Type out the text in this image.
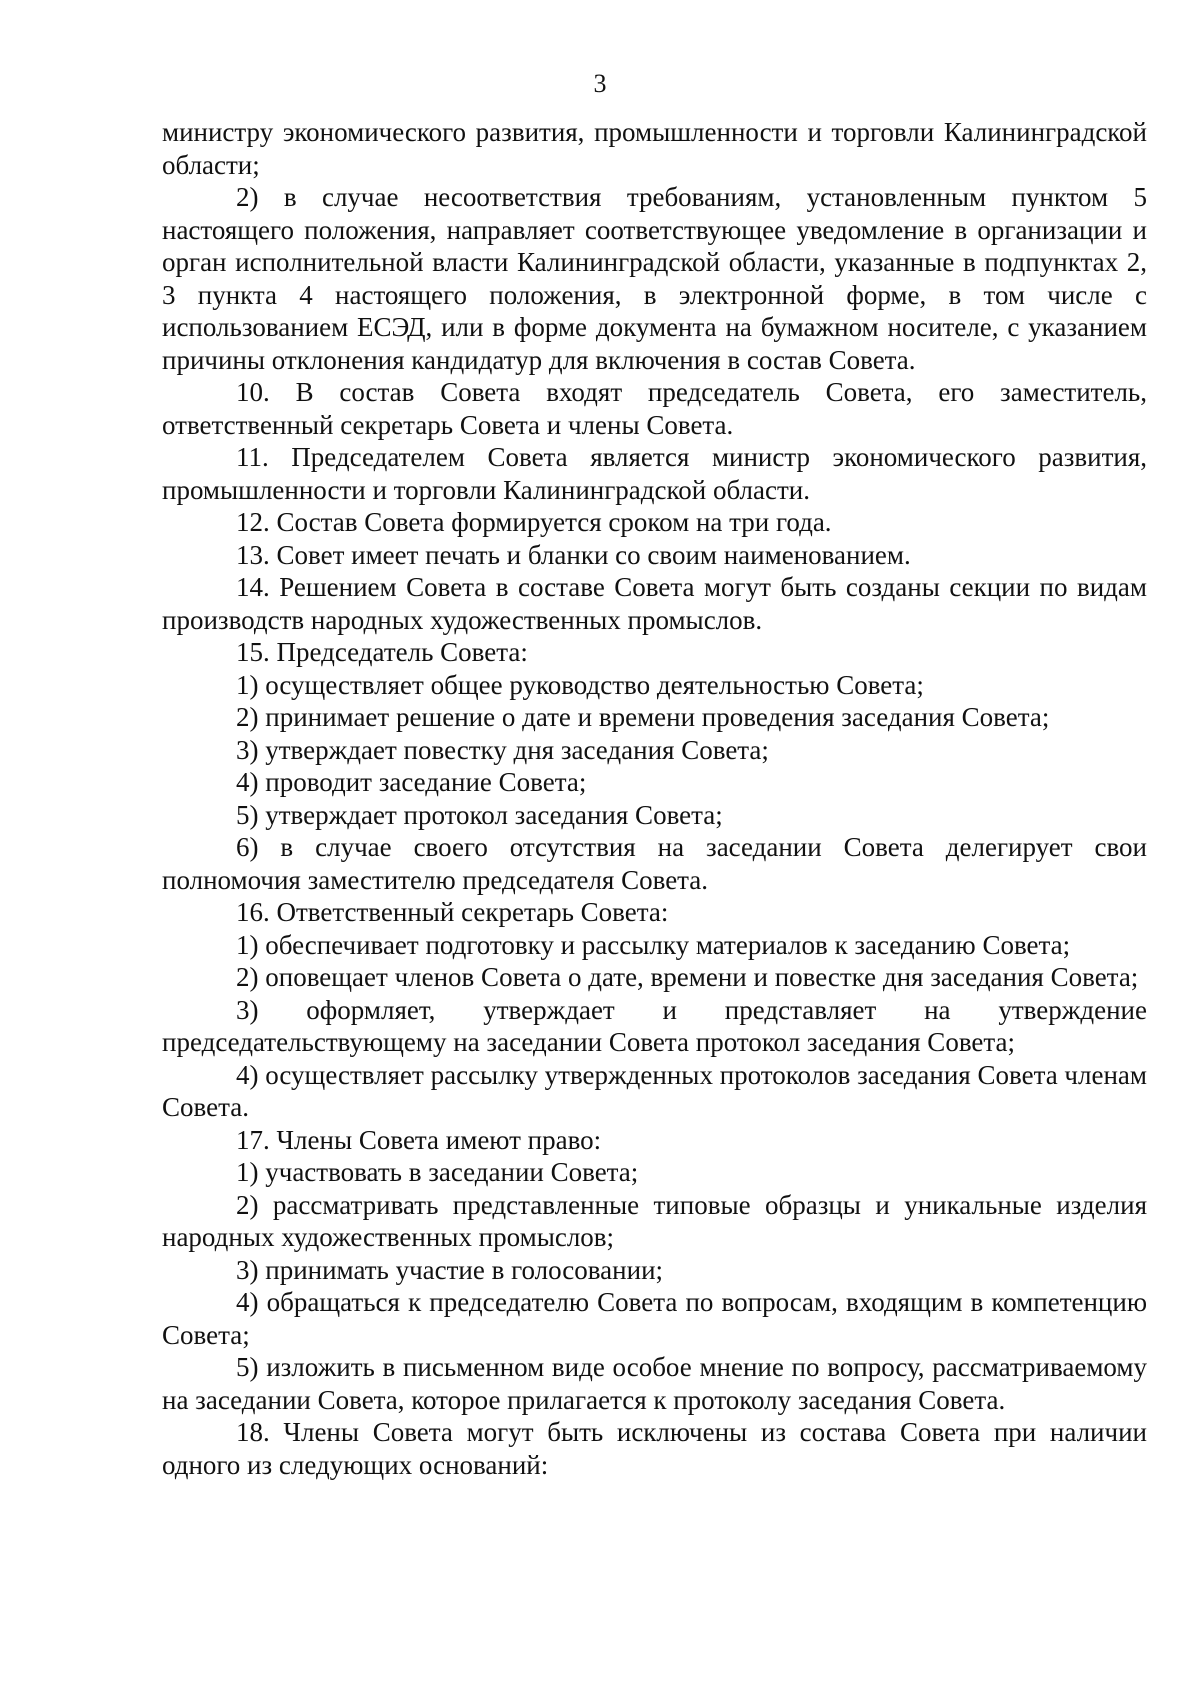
3

министру экономического развития, промышленности и торговли Калининградской области;

2) в случае несоответствия требованиям, установленным пунктом 5 настоящего положения, направляет соответствующее уведомление в организации и орган исполнительной власти Калининградской области, указанные в подпунктах 2, 3 пункта 4 настоящего положения, в электронной форме, в том числе с использованием ЕСЭД, или в форме документа на бумажном носителе, с указанием причины отклонения кандидатур для включения в состав Совета.

10. В состав Совета входят председатель Совета, его заместитель, ответственный секретарь Совета и члены Совета.

11. Председателем Совета является министр экономического развития, промышленности и торговли Калининградской области.

12. Состав Совета формируется сроком на три года.

13. Совет имеет печать и бланки со своим наименованием.

14. Решением Совета в составе Совета могут быть созданы секции по видам производств народных художественных промыслов.

15. Председатель Совета:

1) осуществляет общее руководство деятельностью Совета;

2) принимает решение о дате и времени проведения заседания Совета;

3) утверждает повестку дня заседания Совета;

4) проводит заседание Совета;

5) утверждает протокол заседания Совета;

6) в случае своего отсутствия на заседании Совета делегирует свои полномочия заместителю председателя Совета.

16. Ответственный секретарь Совета:

1) обеспечивает подготовку и рассылку материалов к заседанию Совета;

2) оповещает членов Совета о дате, времени и повестке дня заседания Совета;

3) оформляет, утверждает и представляет на утверждение председательствующему на заседании Совета протокол заседания Совета;

4) осуществляет рассылку утвержденных протоколов заседания Совета членам Совета.

17. Члены Совета имеют право:

1) участвовать в заседании Совета;

2) рассматривать представленные типовые образцы и уникальные изделия народных художественных промыслов;

3) принимать участие в голосовании;

4) обращаться к председателю Совета по вопросам, входящим в компетенцию Совета;

5) изложить в письменном виде особое мнение по вопросу, рассматриваемому на заседании Совета, которое прилагается к протоколу заседания Совета.

18. Члены Совета могут быть исключены из состава Совета при наличии одного из следующих оснований:
